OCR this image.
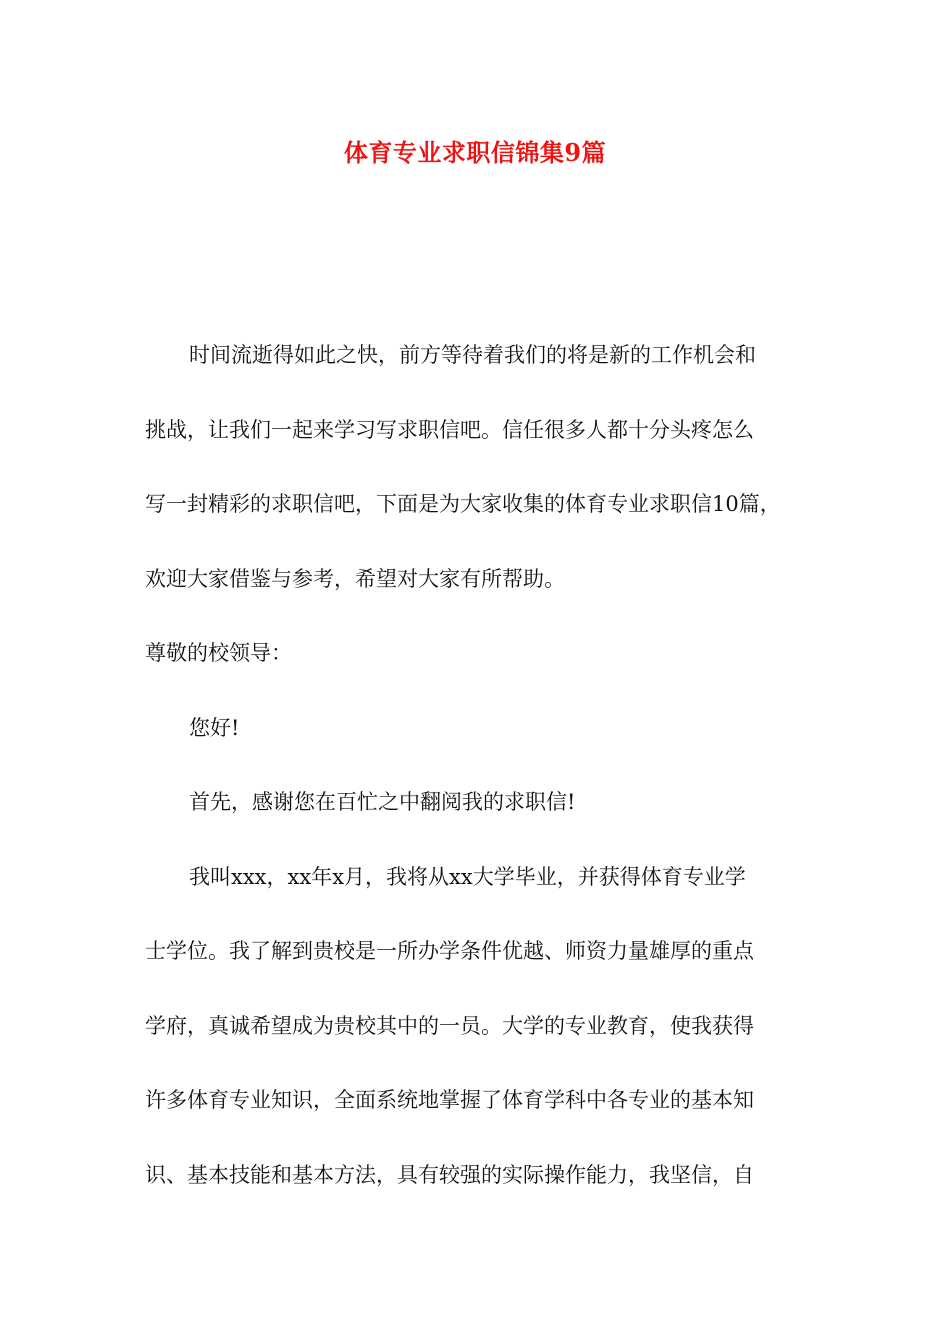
体育专业求职信锦集9篇
时间流逝得如此之快，前方等待着我们的将是新的工作机会和
挑战，让我们一起来学习写求职信吧。信任很多人都十分头疼怎么
写一封精彩的求职信吧，下面是为大家收集的体育专业求职信10篇，
欢迎大家借鉴与参考，希望对大家有所帮助。
尊敬的校领导：
您好!
首先，感谢您在百忙之中翻阅我的求职信!
我叫xxx，xx年x月，我将从xx大学毕业，并获得体育专业学
士学位。我了解到贵校是一所办学条件优越、师资力量雄厚的重点
学府，真诚希望成为贵校其中的一员。大学的专业教育，使我获得
许多体育专业知识，全面系统地掌握了体育学科中各专业的基本知
识、基本技能和基本方法，具有较强的实际操作能力，我坚信，自
